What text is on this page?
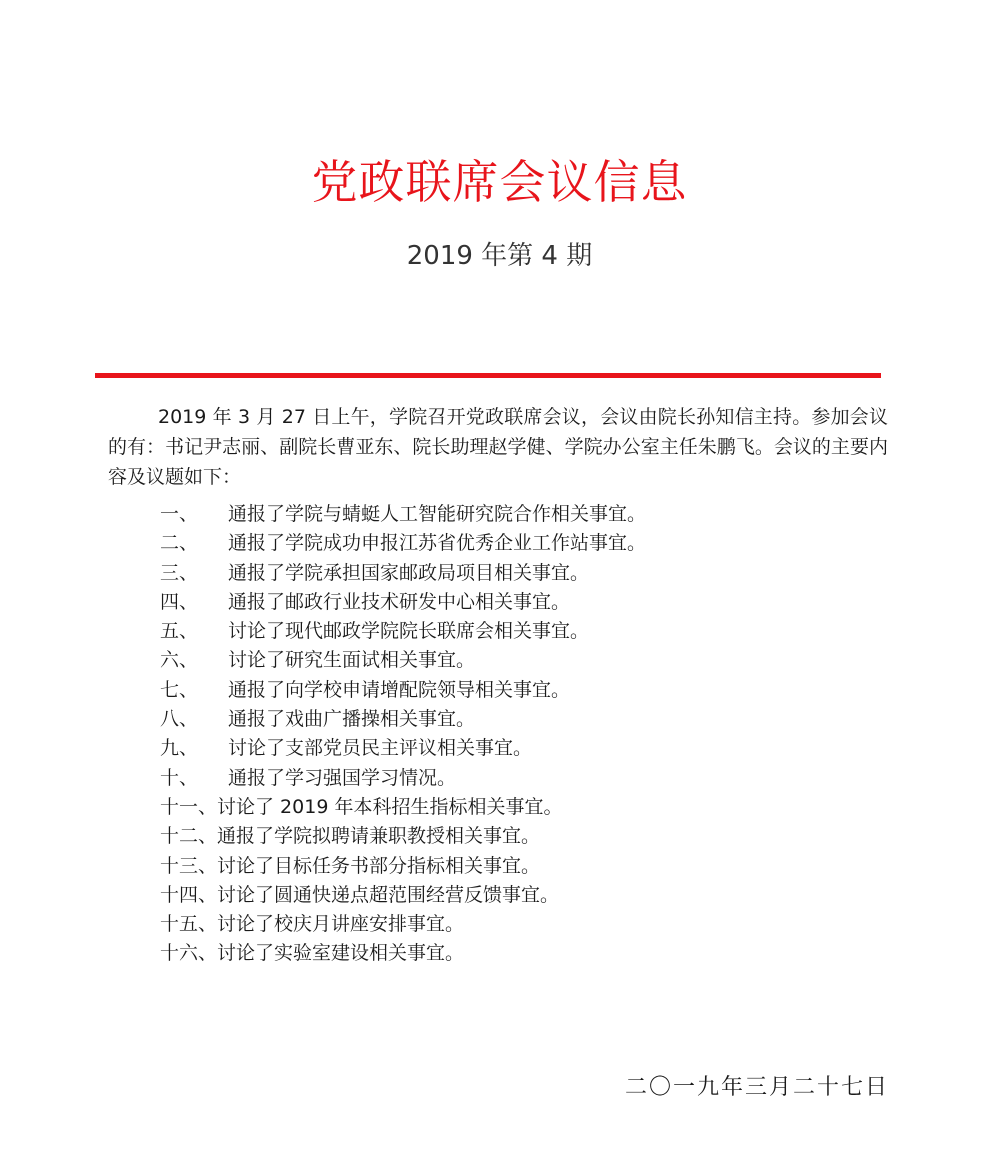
党政联席会议信息
2019 年第 4 期

2019 年 3 月 27 日上午，学院召开党政联席会议，会议由院长孙知信主持。参加会议的有：书记尹志丽、副院长曹亚东、院长助理赵学健、学院办公室主任朱鹏飞。会议的主要内容及议题如下：

一、	通报了学院与蜻蜓人工智能研究院合作相关事宜。
二、	通报了学院成功申报江苏省优秀企业工作站事宜。
三、	通报了学院承担国家邮政局项目相关事宜。
四、	通报了邮政行业技术研发中心相关事宜。
五、	讨论了现代邮政学院院长联席会相关事宜。
六、	讨论了研究生面试相关事宜。
七、	通报了向学校申请增配院领导相关事宜。
八、	通报了戏曲广播操相关事宜。
九、	讨论了支部党员民主评议相关事宜。
十、	通报了学习强国学习情况。
十一、 讨论了 2019 年本科招生指标相关事宜。
十二、 通报了学院拟聘请兼职教授相关事宜。
十三、 讨论了目标任务书部分指标相关事宜。
十四、 讨论了圆通快递点超范围经营反馈事宜。
十五、 讨论了校庆月讲座安排事宜。
十六、 讨论了实验室建设相关事宜。
二〇一九年三月二十七日
